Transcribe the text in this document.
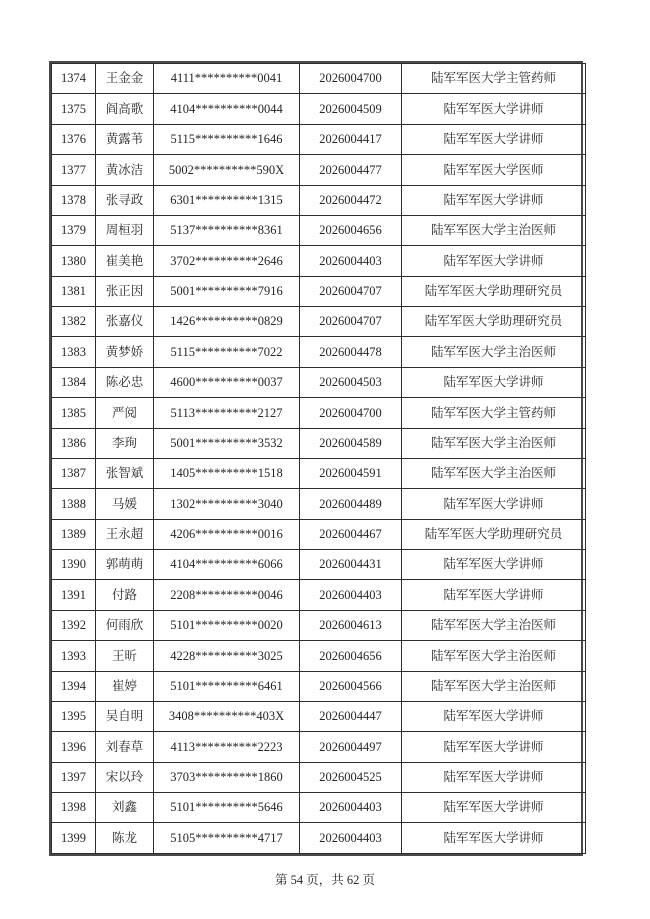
1374	王金金	4111**********0041	2026004700	陆军军医大学主管药师
1375	阎高歌	4104**********0044	2026004509	陆军军医大学讲师
1376	黄露苇	5115**********1646	2026004417	陆军军医大学讲师
1377	黄冰洁	5002**********590X	2026004477	陆军军医大学医师
1378	张寻政	6301**********1315	2026004472	陆军军医大学讲师
1379	周桓羽	5137**********8361	2026004656	陆军军医大学主治医师
1380	崔美艳	3702**********2646	2026004403	陆军军医大学讲师
1381	张正因	5001**********7916	2026004707	陆军军医大学助理研究员
1382	张嘉仪	1426**********0829	2026004707	陆军军医大学助理研究员
1383	黄梦娇	5115**********7022	2026004478	陆军军医大学主治医师
1384	陈必忠	4600**********0037	2026004503	陆军军医大学讲师
1385	严阅	5113**********2127	2026004700	陆军军医大学主管药师
1386	李珣	5001**********3532	2026004589	陆军军医大学主治医师
1387	张智斌	1405**********1518	2026004591	陆军军医大学主治医师
1388	马媛	1302**********3040	2026004489	陆军军医大学讲师
1389	王永超	4206**********0016	2026004467	陆军军医大学助理研究员
1390	郭萌萌	4104**********6066	2026004431	陆军军医大学讲师
1391	付路	2208**********0046	2026004403	陆军军医大学讲师
1392	何雨欣	5101**********0020	2026004613	陆军军医大学主治医师
1393	王昕	4228**********3025	2026004656	陆军军医大学主治医师
1394	崔婷	5101**********6461	2026004566	陆军军医大学主治医师
1395	吴自明	3408**********403X	2026004447	陆军军医大学讲师
1396	刘春草	4113**********2223	2026004497	陆军军医大学讲师
1397	宋以玲	3703**********1860	2026004525	陆军军医大学讲师
1398	刘鑫	5101**********5646	2026004403	陆军军医大学讲师
1399	陈龙	5105**********4717	2026004403	陆军军医大学讲师
第 54 页，共 62 页
